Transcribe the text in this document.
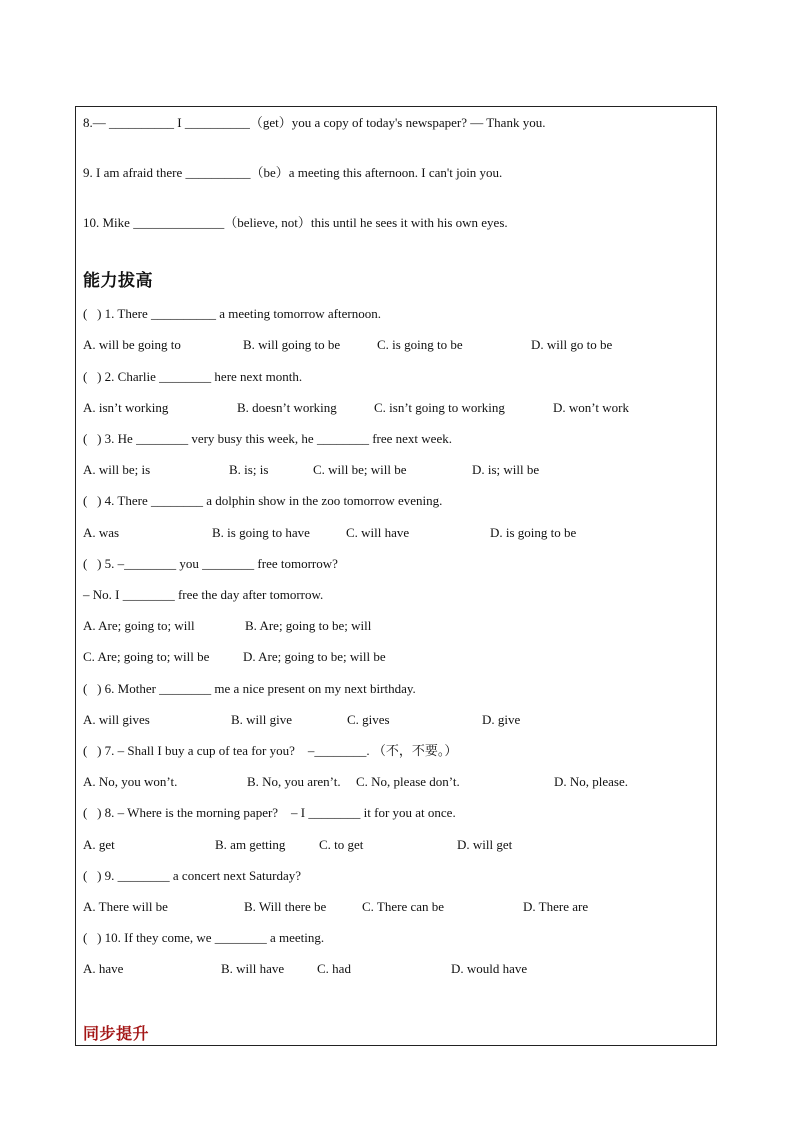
8.— __________ I __________（get）you a copy of today's newspaper? — Thank you.
9. I am afraid there __________（be）a meeting this afternoon. I can't join you.
10. Mike ______________（believe, not）this until he sees it with his own eyes.
能力拔高
(   ) 1. There __________ a meeting tomorrow afternoon.
A. will be going to	B. will going to be	C. is going to be	D. will go to be
(   ) 2. Charlie ________ here next month.
A. isn’t working	B. doesn’t working	C. isn’t going to working	D. won’t work
(   ) 3. He ________ very busy this week, he ________ free next week.
A. will be; is	B. is; is	C. will be; will be	D. is; will be
(   ) 4. There ________ a dolphin show in the zoo tomorrow evening.
A. was	B. is going to have	C. will have	D. is going to be
(   ) 5. –________ you ________ free tomorrow?
– No. I ________ free the day after tomorrow.
A. Are; going to; will	B. Are; going to be; will
C. Are; going to; will be	D. Are; going to be; will be
(   ) 6. Mother ________ me a nice present on my next birthday.
A. will gives	B. will give	C. gives	D. give
(   ) 7. – Shall I buy a cup of tea for you?    –________. （不，不要。）
A. No, you won’t.	B. No, you aren’t. C. No, please don’t.	D. No, please.
(   ) 8. – Where is the morning paper?    – I ________ it for you at once.
A. get	B. am getting	C. to get	D. will get
(   ) 9. ________ a concert next Saturday?
A. There will be	B. Will there be	C. There can be	D. There are
(   ) 10. If they come, we ________ a meeting.
A. have	B. will have	C. had	D. would have
同步提升
